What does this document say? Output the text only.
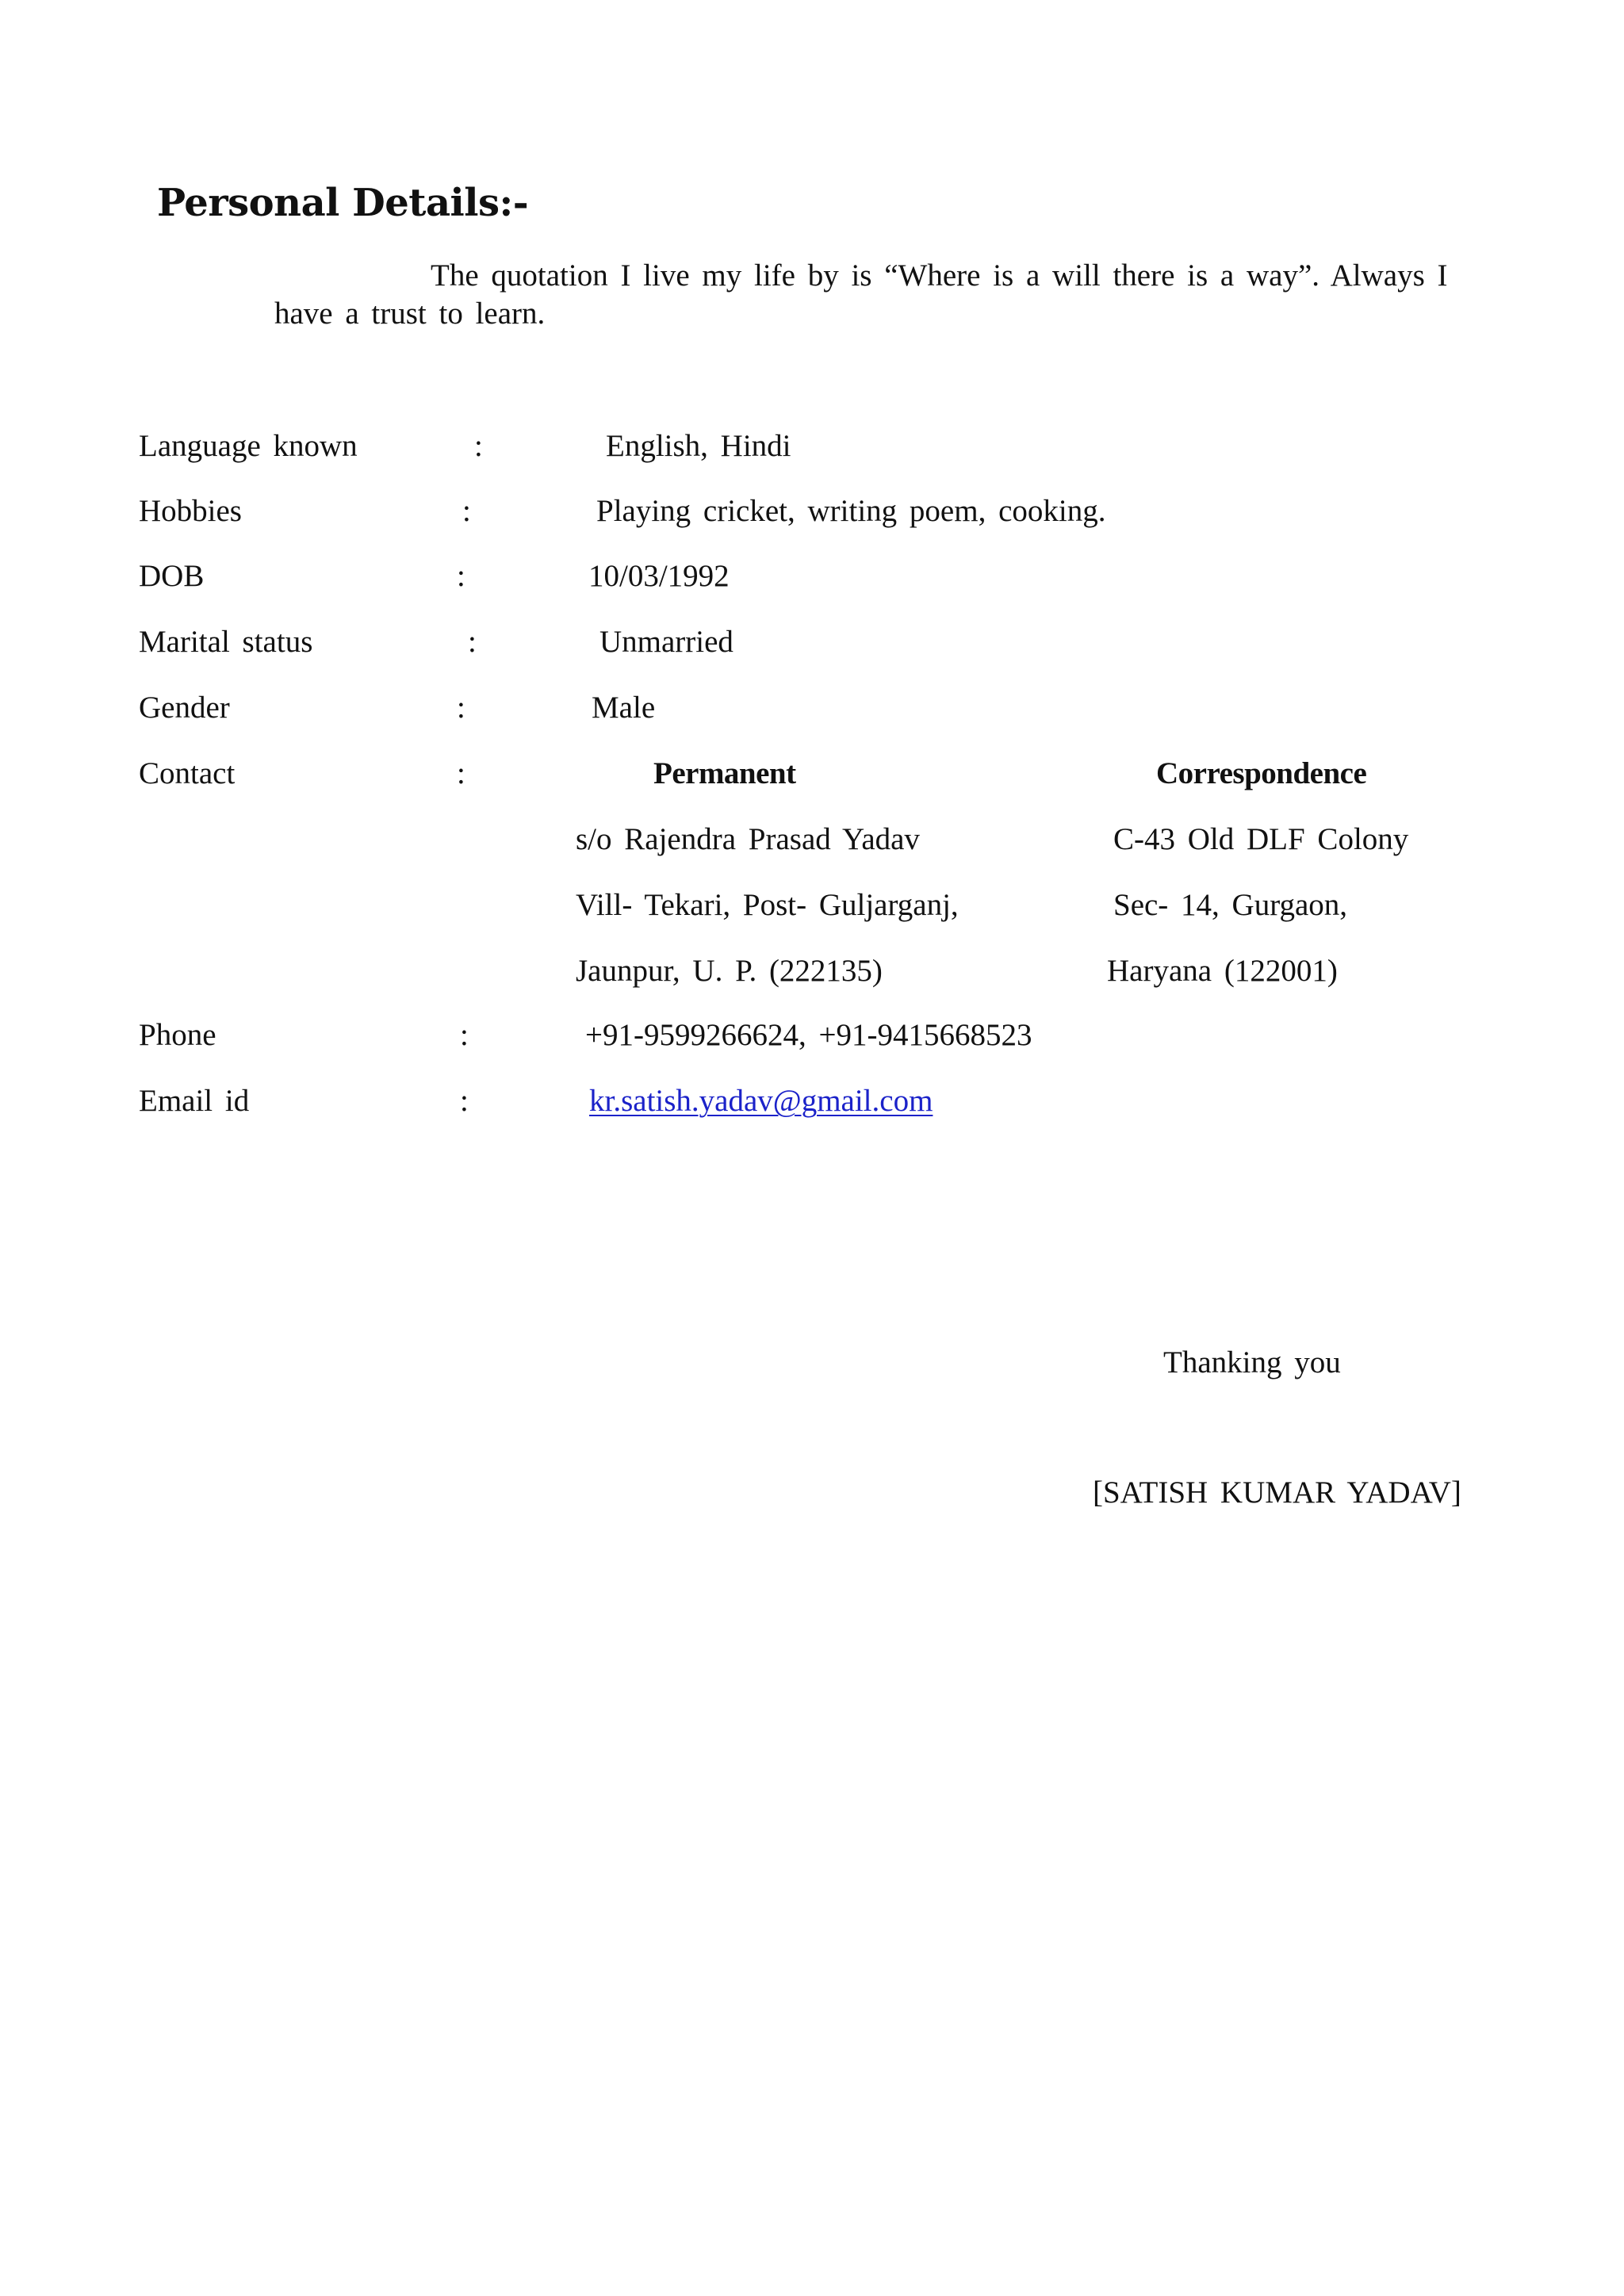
Personal Details:-
The quotation I live my life by is “Where is a will there is a way”. Always I
have a trust to learn.
Language known	:	English, Hindi
Hobbies	:	Playing cricket, writing poem, cooking.
DOB	:	10/03/1992
Marital status	:	Unmarried
Gender	:	Male
Contact	:	Permanent	Correspondence
s/o Rajendra Prasad Yadav	C-43 Old DLF Colony
Vill- Tekari, Post- Guljarganj,	Sec- 14, Gurgaon,
Jaunpur, U. P. (222135)	Haryana (122001)
Phone	:	+91-9599266624, +91-9415668523
Email id	:	kr.satish.yadav@gmail.com
Thanking you
[SATISH KUMAR YADAV]
